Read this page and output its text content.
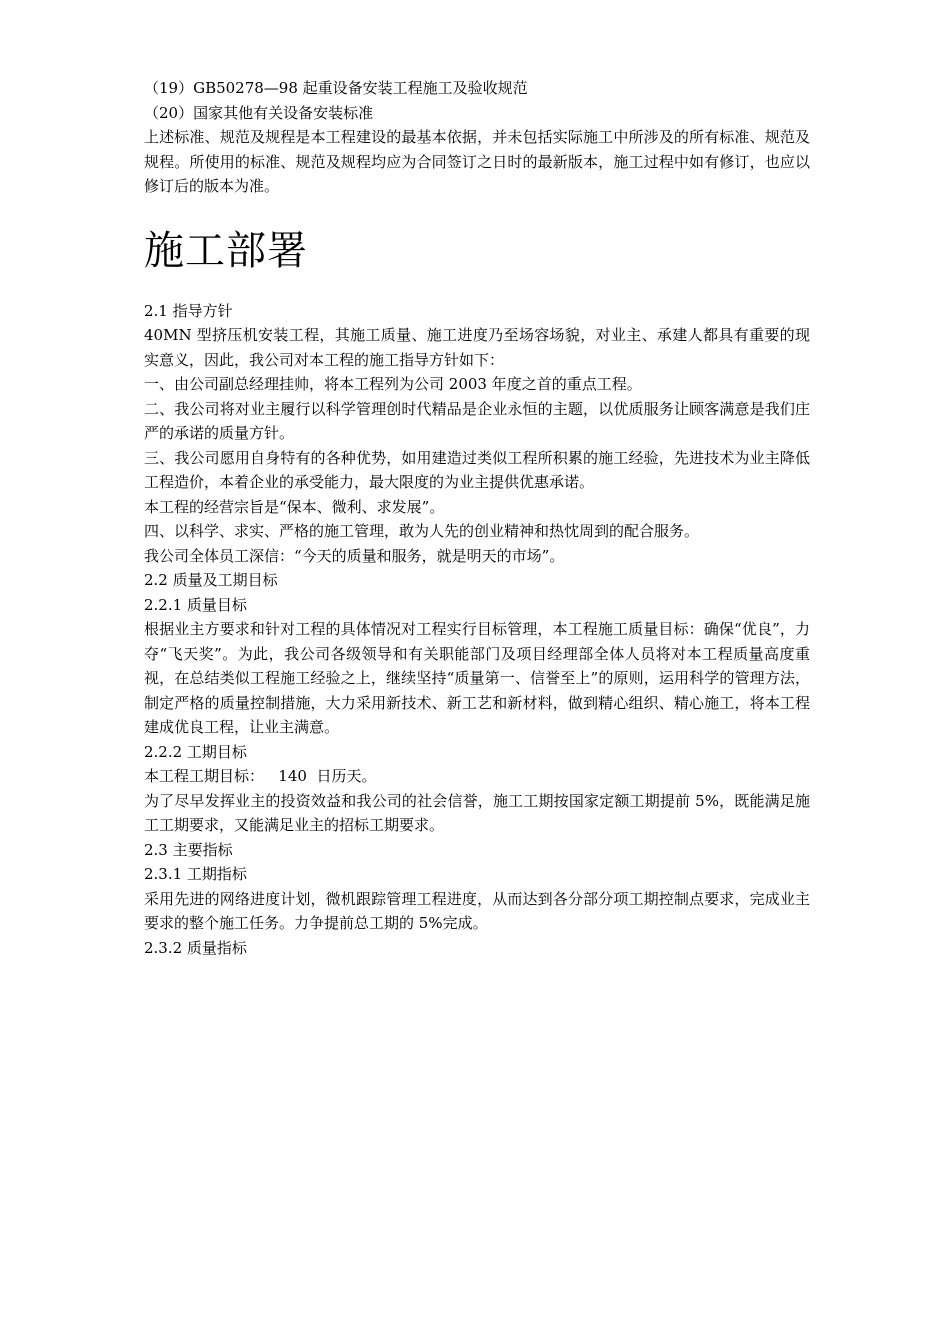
（19）GB50278—98 起重设备安装工程施工及验收规范

（20）国家其他有关设备安装标准

上述标准、规范及规程是本工程建设的最基本依据，并未包括实际施工中所涉及的所有标准、规范及规程。所使用的标准、规范及规程均应为合同签订之日时的最新版本，施工过程中如有修订，也应以修订后的版本为准。

施工部署

2.1 指导方针

40MN 型挤压机安装工程，其施工质量、施工进度乃至场容场貌，对业主、承建人都具有重要的现实意义，因此，我公司对本工程的施工指导方针如下：

一、由公司副总经理挂帅，将本工程列为公司 2003 年度之首的重点工程。

二、我公司将对业主履行以科学管理创时代精品是企业永恒的主题，以优质服务让顾客满意是我们庄严的承诺的质量方针。

三、我公司愿用自身特有的各种优势，如用建造过类似工程所积累的施工经验，先进技术为业主降低工程造价，本着企业的承受能力，最大限度的为业主提供优惠承诺。

本工程的经营宗旨是“保本、微利、求发展”。

四、以科学、求实、严格的施工管理，敢为人先的创业精神和热忱周到的配合服务。

我公司全体员工深信：“今天的质量和服务，就是明天的市场”。

2.2 质量及工期目标

2.2.1 质量目标

根据业主方要求和针对工程的具体情况对工程实行目标管理，本工程施工质量目标：确保“优良”，力夺“飞天奖”。为此，我公司各级领导和有关职能部门及项目经理部全体人员将对本工程质量高度重视，在总结类似工程施工经验之上，继续坚持“质量第一、信誉至上”的原则，运用科学的管理方法，制定严格的质量控制措施，大力采用新技术、新工艺和新材料，做到精心组织、精心施工，将本工程建成优良工程，让业主满意。

2.2.2 工期目标

本工程工期目标：   140  日历天。

为了尽早发挥业主的投资效益和我公司的社会信誉，施工工期按国家定额工期提前 5%，既能满足施工工期要求，又能满足业主的招标工期要求。

2.3 主要指标

2.3.1 工期指标

采用先进的网络进度计划，微机跟踪管理工程进度，从而达到各分部分项工期控制点要求，完成业主要求的整个施工任务。力争提前总工期的 5%完成。

2.3.2 质量指标
